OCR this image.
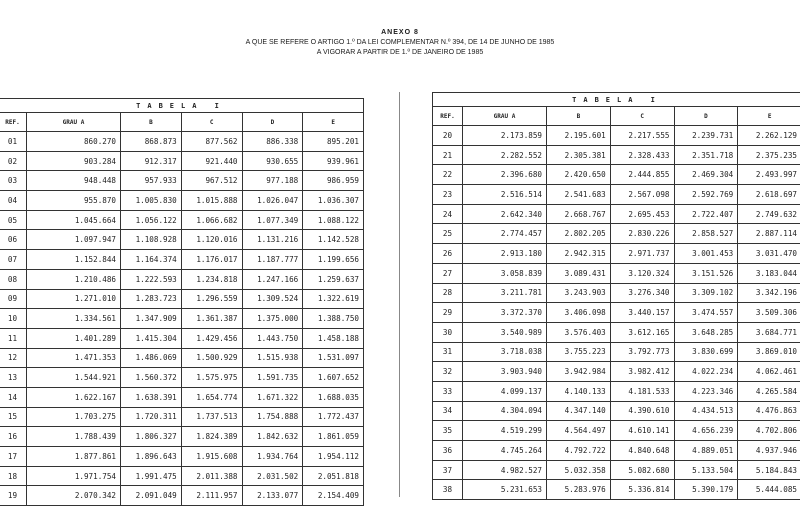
ANEXO 8
A QUE SE REFERE O ARTIGO 1.º DA LEI COMPLEMENTAR N.º 394, DE 14 DE JUNHO DE 1985
A VIGORAR A PARTIR DE 1.º DE JANEIRO DE 1985
TABELA I					
REF.	GRAU A	B	C	D	E
01	860.270	868.873	877.562	886.338	895.201
02	903.284	912.317	921.440	930.655	939.961
03	948.448	957.933	967.512	977.188	986.959
04	955.870	1.005.830	1.015.888	1.026.047	1.036.307
05	1.045.664	1.056.122	1.066.682	1.077.349	1.088.122
06	1.097.947	1.108.928	1.120.016	1.131.216	1.142.528
07	1.152.844	1.164.374	1.176.017	1.187.777	1.199.656
08	1.210.486	1.222.593	1.234.818	1.247.166	1.259.637
09	1.271.010	1.283.723	1.296.559	1.309.524	1.322.619
10	1.334.561	1.347.909	1.361.387	1.375.000	1.388.750
11	1.401.289	1.415.304	1.429.456	1.443.750	1.458.188
12	1.471.353	1.486.069	1.500.929	1.515.938	1.531.097
13	1.544.921	1.560.372	1.575.975	1.591.735	1.607.652
14	1.622.167	1.638.391	1.654.774	1.671.322	1.688.035
15	1.703.275	1.720.311	1.737.513	1.754.888	1.772.437
16	1.788.439	1.806.327	1.824.389	1.842.632	1.861.059
17	1.877.861	1.896.643	1.915.608	1.934.764	1.954.112
18	1.971.754	1.991.475	2.011.388	2.031.502	2.051.818
19	2.070.342	2.091.049	2.111.957	2.133.077	2.154.409
TABELA I					
REF.	GRAU A	B	C	D	E
20	2.173.859	2.195.601	2.217.555	2.239.731	2.262.129
21	2.282.552	2.305.381	2.328.433	2.351.718	2.375.235
22	2.396.680	2.420.650	2.444.855	2.469.304	2.493.997
23	2.516.514	2.541.683	2.567.098	2.592.769	2.618.697
24	2.642.340	2.668.767	2.695.453	2.722.407	2.749.632
25	2.774.457	2.802.205	2.830.226	2.858.527	2.887.114
26	2.913.180	2.942.315	2.971.737	3.001.453	3.031.470
27	3.058.839	3.089.431	3.120.324	3.151.526	3.183.044
28	3.211.781	3.243.903	3.276.340	3.309.102	3.342.196
29	3.372.370	3.406.098	3.440.157	3.474.557	3.509.306
30	3.540.989	3.576.403	3.612.165	3.648.285	3.684.771
31	3.718.038	3.755.223	3.792.773	3.830.699	3.869.010
32	3.903.940	3.942.984	3.982.412	4.022.234	4.062.461
33	4.099.137	4.140.133	4.181.533	4.223.346	4.265.584
34	4.304.094	4.347.140	4.390.610	4.434.513	4.476.863
35	4.519.299	4.564.497	4.610.141	4.656.239	4.702.806
36	4.745.264	4.792.722	4.840.648	4.889.051	4.937.946
37	4.982.527	5.032.358	5.082.680	5.133.504	5.184.843
38	5.231.653	5.283.976	5.336.814	5.390.179	5.444.085
